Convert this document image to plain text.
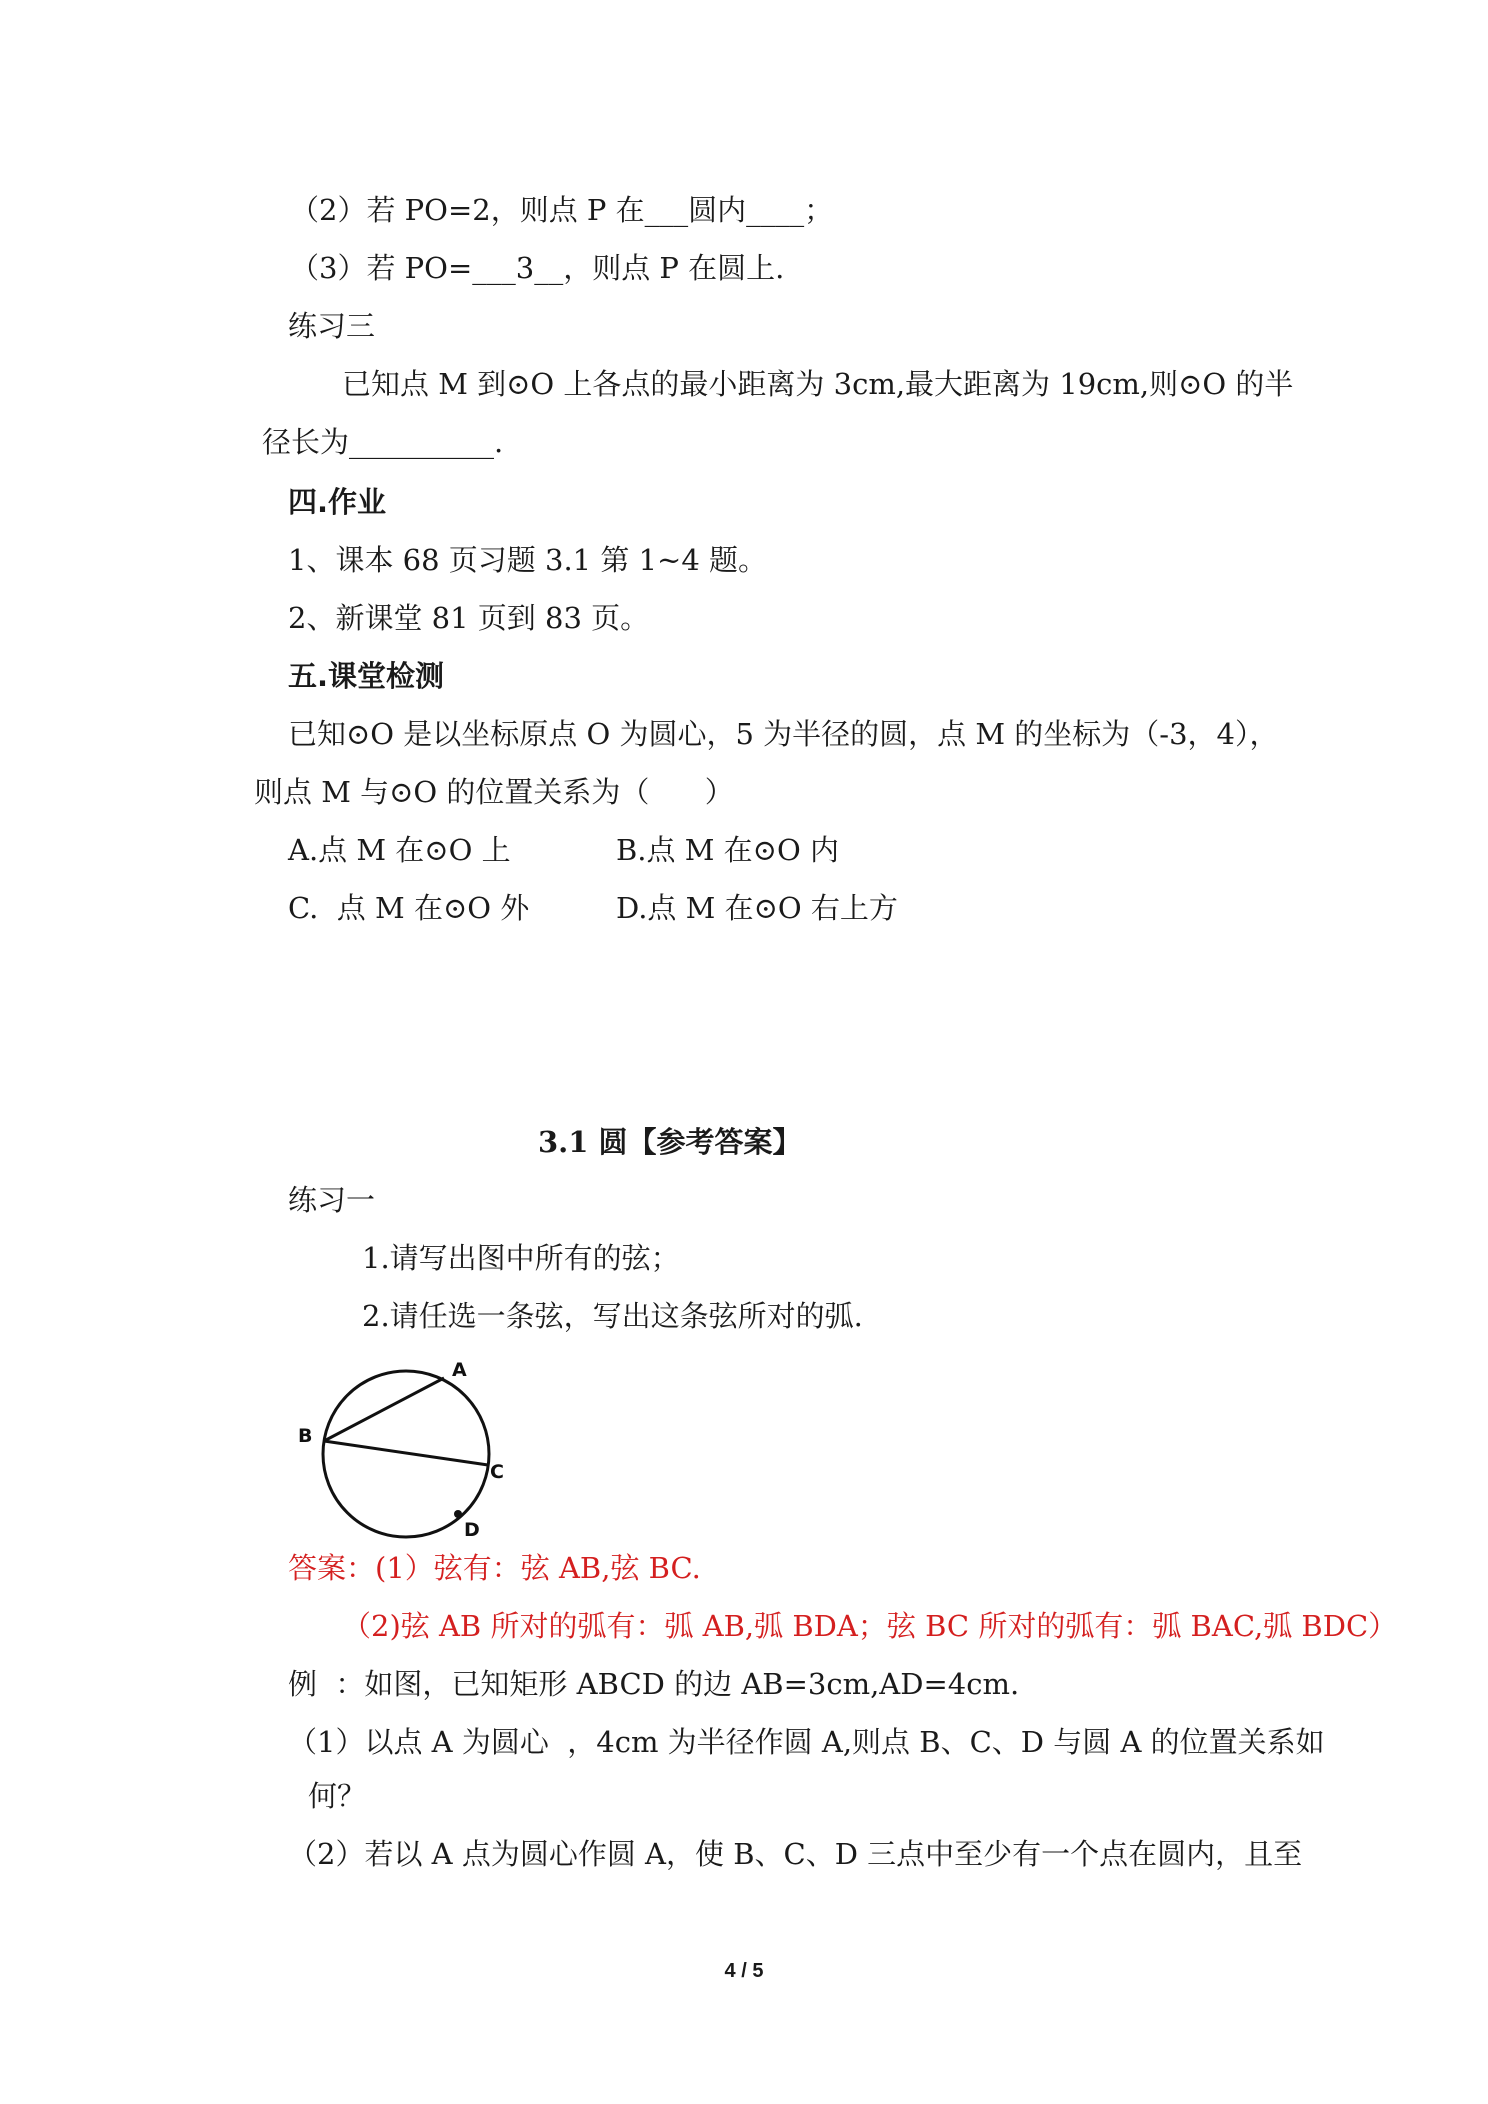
（2）若 PO=2，则点 P 在___圆内____；
（3）若 PO=___3__，则点 P 在圆上.
练习三
已知点 M 到⊙O 上各点的最小距离为 3cm,最大距离为 19cm,则⊙O 的半
径长为__________.
四.作业
1、课本 68 页习题 3.1 第 1~4 题。
2、新课堂 81 页到 83 页。
五.课堂检测
已知⊙O 是以坐标原点 O 为圆心，5 为半径的圆，点 M 的坐标为（-3，4），
则点 M 与⊙O 的位置关系为（      ）
A.点 M 在⊙O 上	B.点 M 在⊙O 内
C.  点 M 在⊙O 外	D.点 M 在⊙O 右上方
3.1 圆【参考答案】
练习一
1.请写出图中所有的弦；
2.请任选一条弦，写出这条弦所对的弧.
A
B
C
D
答案：(1）弦有：弦 AB,弦 BC.
（2)弦 AB 所对的弧有：弧 AB,弧 BDA；弦 BC 所对的弧有：弧 BAC,弧 BDC）
例  ：如图，已知矩形 ABCD 的边 AB=3cm,AD=4cm.
（1）以点 A 为圆心  ，4cm 为半径作圆 A,则点 B、C、D 与圆 A 的位置关系如
何？
（2）若以 A 点为圆心作圆 A，使 B、C、D 三点中至少有一个点在圆内，且至
4 / 5
